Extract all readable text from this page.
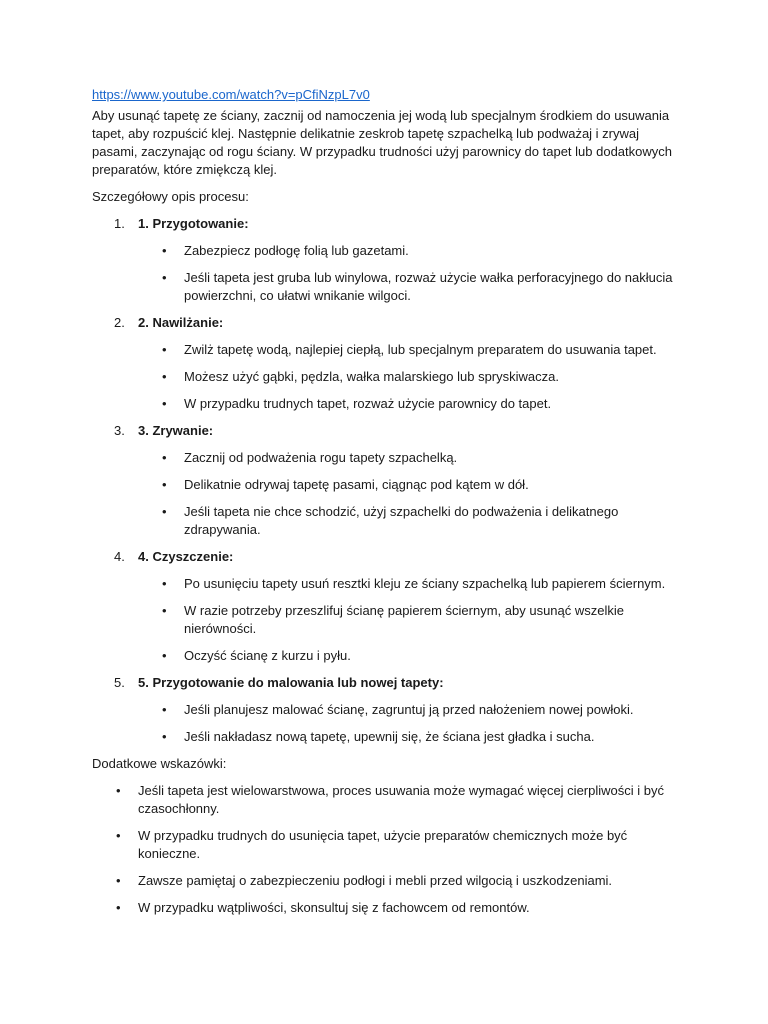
https://www.youtube.com/watch?v=pCfiNzpL7v0

Aby usunąć tapetę ze ściany, zacznij od namoczenia jej wodą lub specjalnym środkiem do usuwania tapet, aby rozpuścić klej. Następnie delikatnie zeskrob tapetę szpachelką lub podważaj i zrywaj pasami, zaczynając od rogu ściany. W przypadku trudności użyj parownicy do tapet lub dodatkowych preparatów, które zmiękczą klej.

Szczegółowy opis procesu:

1.	1. Przygotowanie:
• Zabezpiecz podłogę folią lub gazetami.
• Jeśli tapeta jest gruba lub winylowa, rozważ użycie wałka perforacyjnego do nakłucia powierzchni, co ułatwi wnikanie wilgoci.
2.	2. Nawilżanie:
• Zwilż tapetę wodą, najlepiej ciepłą, lub specjalnym preparatem do usuwania tapet.
• Możesz użyć gąbki, pędzla, wałka malarskiego lub spryskiwacza.
• W przypadku trudnych tapet, rozważ użycie parownicy do tapet.
3.	3. Zrywanie:
• Zacznij od podważenia rogu tapety szpachelką.
• Delikatnie odrywaj tapetę pasami, ciągnąc pod kątem w dół.
• Jeśli tapeta nie chce schodzić, użyj szpachelki do podważenia i delikatnego zdrapywania.
4.	4. Czyszczenie:
• Po usunięciu tapety usuń resztki kleju ze ściany szpachelką lub papierem ściernym.
• W razie potrzeby przeszlifuj ścianę papierem ściernym, aby usunąć wszelkie nierówności.
• Oczyść ścianę z kurzu i pyłu.
5.	5. Przygotowanie do malowania lub nowej tapety:
• Jeśli planujesz malować ścianę, zagruntuj ją przed nałożeniem nowej powłoki.
• Jeśli nakładasz nową tapetę, upewnij się, że ściana jest gładka i sucha.

Dodatkowe wskazówki:

• Jeśli tapeta jest wielowarstwowa, proces usuwania może wymagać więcej cierpliwości i być czasochłonny.
• W przypadku trudnych do usunięcia tapet, użycie preparatów chemicznych może być konieczne.
• Zawsze pamiętaj o zabezpieczeniu podłogi i mebli przed wilgocią i uszkodzeniami.
• W przypadku wątpliwości, skonsultuj się z fachowcem od remontów.
